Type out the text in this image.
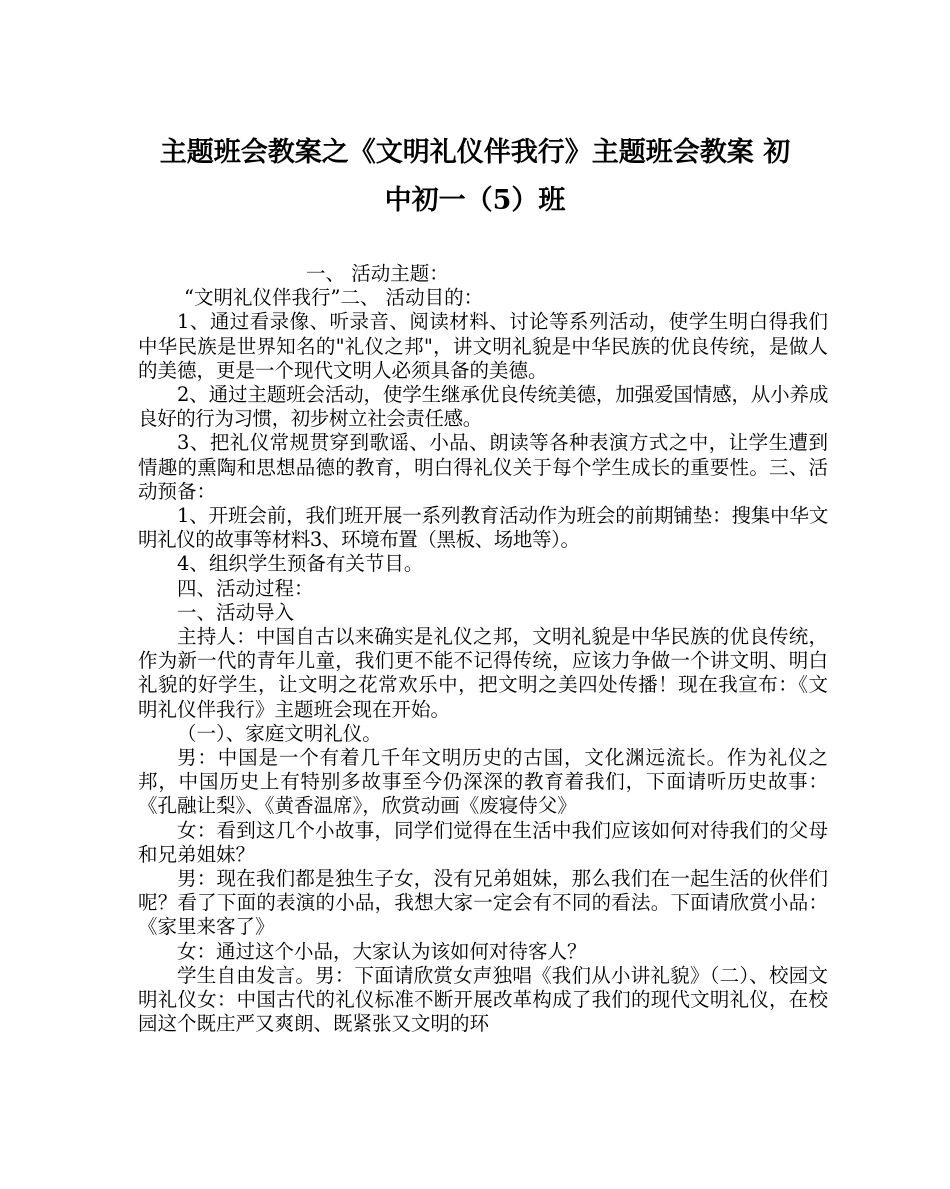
主题班会教案之《文明礼仪伴我行》主题班会教案 初
中初一（5）班

一、 活动主题：

“文明礼仪伴我行”二、 活动目的：

1、通过看录像、听录音、阅读材料、讨论等系列活动，使学生明白得我们中华民族是世界知名的"礼仪之邦"，讲文明礼貌是中华民族的优良传统，是做人的美德，更是一个现代文明人必须具备的美德。

2、通过主题班会活动，使学生继承优良传统美德，加强爱国情感，从小养成良好的行为习惯，初步树立社会责任感。

3、把礼仪常规贯穿到歌谣、小品、朗读等各种表演方式之中，让学生遭到情趣的熏陶和思想品德的教育，明白得礼仪关于每个学生成长的重要性。三、活动预备：

1、开班会前，我们班开展一系列教育活动作为班会的前期铺垫：搜集中华文明礼仪的故事等材料3、环境布置（黑板、场地等）。

4、组织学生预备有关节目。

四、活动过程：

一、活动导入

主持人：中国自古以来确实是礼仪之邦，文明礼貌是中华民族的优良传统，作为新一代的青年儿童，我们更不能不记得传统，应该力争做一个讲文明、明白礼貌的好学生，让文明之花常欢乐中，把文明之美四处传播！现在我宣布：《文明礼仪伴我行》主题班会现在开始。

（一）、家庭文明礼仪。

男：中国是一个有着几千年文明历史的古国，文化渊远流长。作为礼仪之邦，中国历史上有特别多故事至今仍深深的教育着我们，下面请听历史故事：《孔融让梨》、《黄香温席》，欣赏动画《废寝侍父》

女：看到这几个小故事，同学们觉得在生活中我们应该如何对待我们的父母和兄弟姐妹？

男：现在我们都是独生子女，没有兄弟姐妹，那么我们在一起生活的伙伴们呢？看了下面的表演的小品，我想大家一定会有不同的看法。下面请欣赏小品：《家里来客了》

女：通过这个小品，大家认为该如何对待客人？

学生自由发言。男：下面请欣赏女声独唱《我们从小讲礼貌》（二）、校园文明礼仪女：中国古代的礼仪标准不断开展改革构成了我们的现代文明礼仪，在校园这个既庄严又爽朗、既紧张又文明的环
